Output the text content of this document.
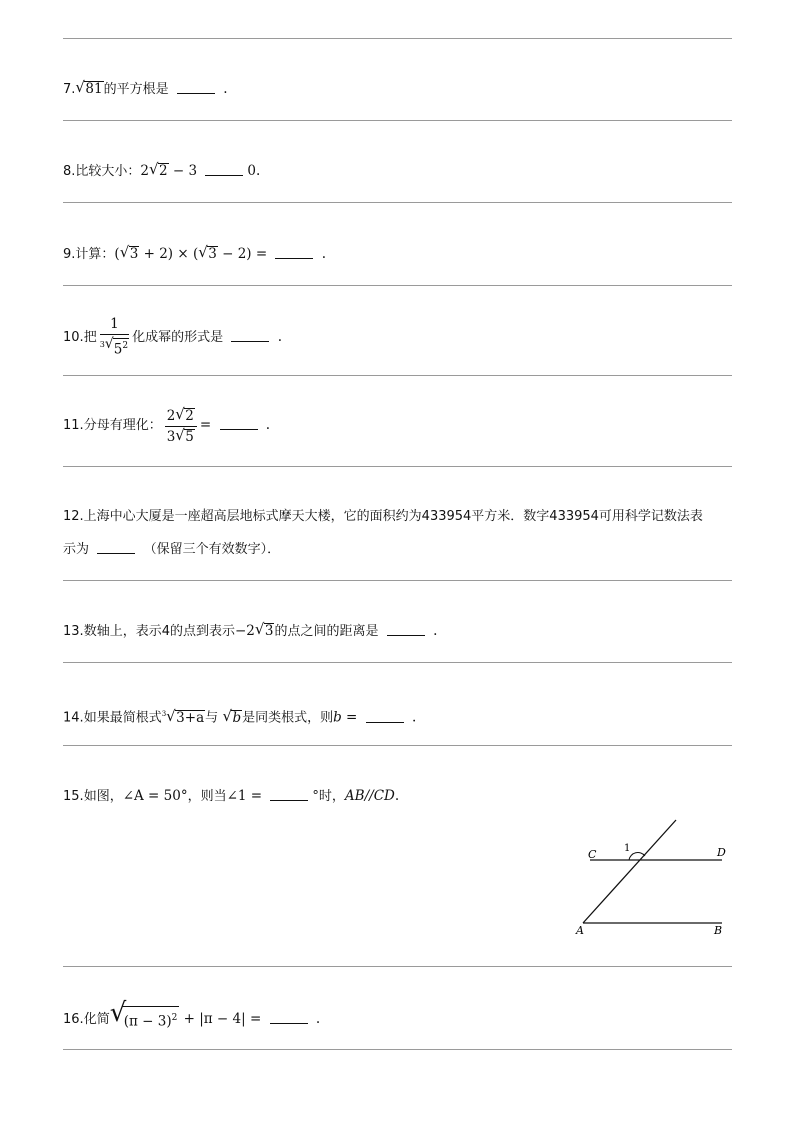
7. √ 81的平方根是	.
8.比较大小：2 √ 2 − 3	0.
9.计算：( √ 3 + 2) × ( √ 3 − 2) =	.
10.把 $\frac{1}{^3 √ 5^2}$ 化成幂的形式是	.
11.分母有理化： $\frac{2 √ 2}{3 √ 5}$ =	.
12.上海中心大厦是一座超高层地标式摩天大楼，它的面积约为433954平方米．数字433954可用科学记数法表
示为	（保留三个有效数字）．
13.数轴上，表示4的点到表示−2 √ 3的点之间的距离是	.
14.如果最简根式$^3$ √ 3+a与 √ b是同类根式，则b =	.
15.如图，∠A = 50°，则当∠1 =	°时，AB//CD.
C	D
A	B
1
16.化简 √
$(\pi - 3)^2 + |\pi - 4|$ =	.
